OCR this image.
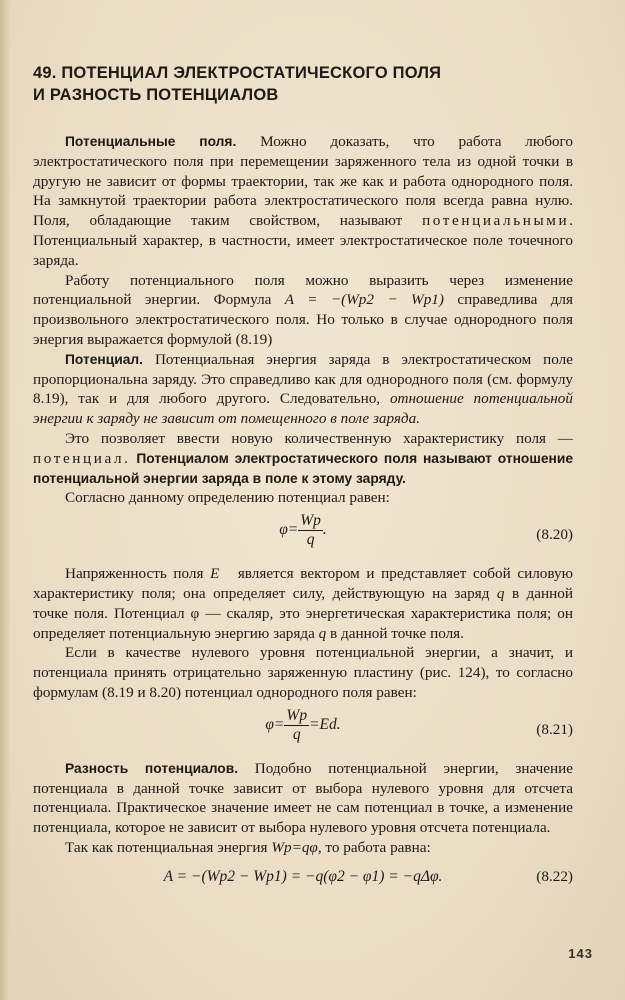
49. ПОТЕНЦИАЛ ЭЛЕКТРОСТАТИЧЕСКОГО ПОЛЯ
И РАЗНОСТЬ ПОТЕНЦИАЛОВ

Потенциальные поля. Можно доказать, что работа любого электростатического поля при перемещении заряженного тела из одной точки в другую не зависит от формы траектории, так же как и работа однородного поля. На замкнутой траектории работа электростатического поля всегда равна нулю. Поля, обладающие таким свойством, называют потенциальными. Потенциальный характер, в частности, имеет электростатическое поле точечного заряда.

Работу потенциального поля можно выразить через изменение потенциальной энергии. Формула A = −(Wp2 − Wp1) справедлива для произвольного электростатического поля. Но только в случае однородного поля энергия выражается формулой (8.19)

Потенциал. Потенциальная энергия заряда в электростатическом поле пропорциональна заряду. Это справедливо как для однородного поля (см. формулу 8.19), так и для любого другого. Следовательно, отношение потенциальной энергии к заряду не зависит от помещенного в поле заряда.

Это позволяет ввести новую количественную характеристику поля — потенциал. Потенциалом электростатического поля называют отношение потенциальной энергии заряда в поле к этому заряду.

Согласно данному определению потенциал равен:

$\varphi= \frac{Wp}{q}$ .	(8.20)

Напряженность поля E⃗ является вектором и представляет собой силовую характеристику поля; она определяет силу, действующую на заряд q в данной точке поля. Потенциал φ — скаляр, это энергетическая характеристика поля; он определяет потенциальную энергию заряда q в данной точке поля.

Если в качестве нулевого уровня потенциальной энергии, а значит, и потенциала принять отрицательно заряженную пластину (рис. 124), то согласно формулам (8.19 и 8.20) потенциал однородного поля равен:

$\varphi= \frac{Wp}{q} =Ed$.	(8.21)

Разность потенциалов. Подобно потенциальной энергии, значение потенциала в данной точке зависит от выбора нулевого уровня для отсчета потенциала. Практическое значение имеет не сам потенциал в точке, а изменение потенциала, которое не зависит от выбора нулевого уровня отсчета потенциала.

Так как потенциальная энергия Wp=qφ, то работа равна:

A = −(Wp2 − Wp1) = −q(φ2 − φ1) = −qΔφ.	(8.22)
143
